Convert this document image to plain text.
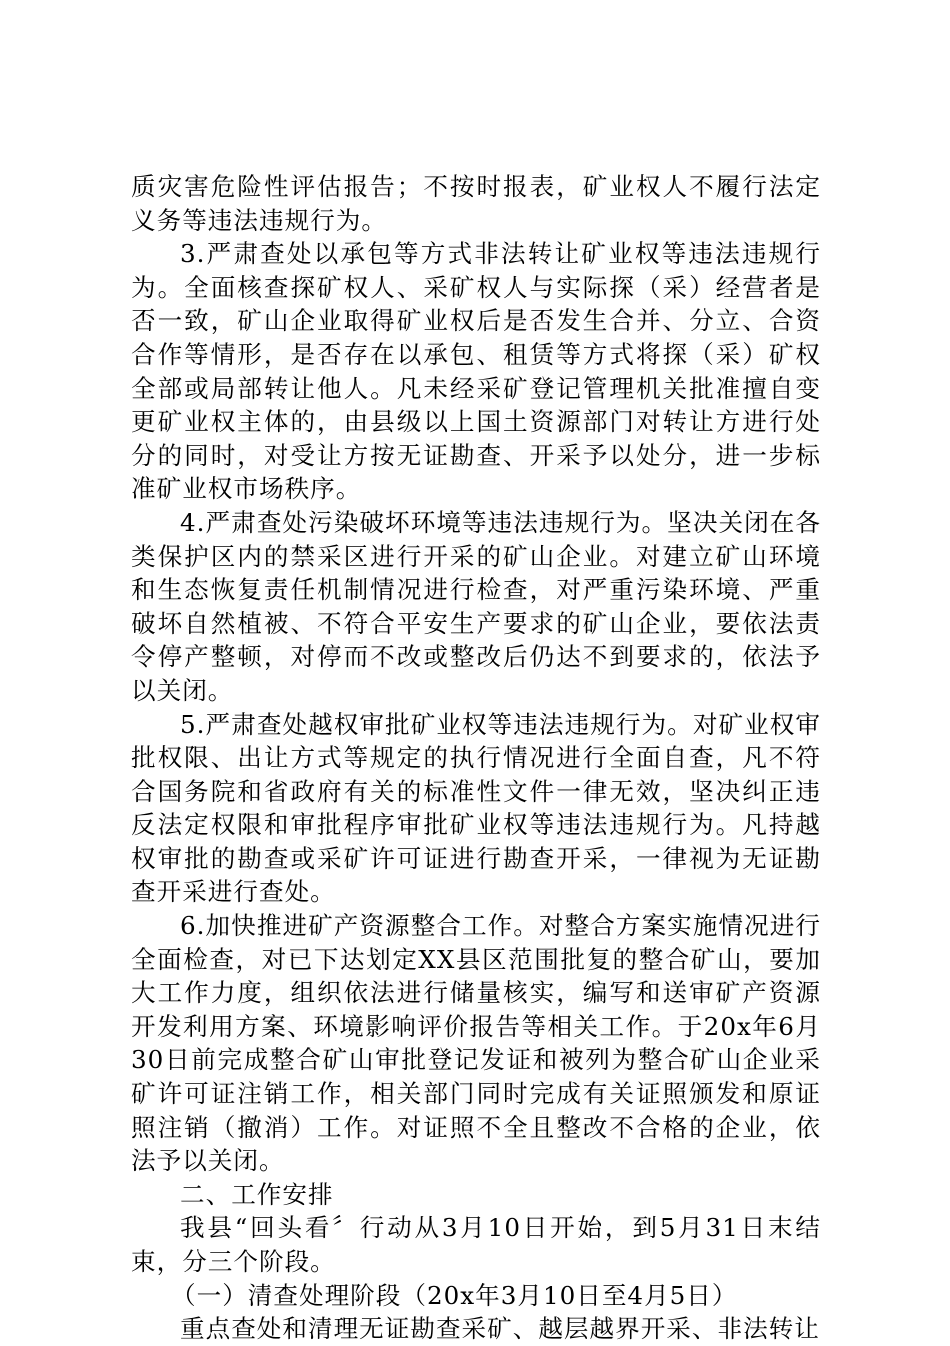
质灾害危险性评估报告；不按时报表，矿业权人不履行法定义务等违法违规行为。

3.严肃查处以承包等方式非法转让矿业权等违法违规行为。全面核查探矿权人、采矿权人与实际探（采）经营者是否一致，矿山企业取得矿业权后是否发生合并、分立、合资合作等情形，是否存在以承包、租赁等方式将探（采）矿权全部或局部转让他人。凡未经采矿登记管理机关批准擅自变更矿业权主体的，由县级以上国土资源部门对转让方进行处分的同时，对受让方按无证勘查、开采予以处分，进一步标准矿业权市场秩序。

4.严肃查处污染破坏环境等违法违规行为。坚决关闭在各类保护区内的禁采区进行开采的矿山企业。对建立矿山环境和生态恢复责任机制情况进行检查，对严重污染环境、严重破坏自然植被、不符合平安生产要求的矿山企业，要依法责令停产整顿，对停而不改或整改后仍达不到要求的，依法予以关闭。

5.严肃查处越权审批矿业权等违法违规行为。对矿业权审批权限、出让方式等规定的执行情况进行全面自查，凡不符合国务院和省政府有关的标准性文件一律无效，坚决纠正违反法定权限和审批程序审批矿业权等违法违规行为。凡持越权审批的勘查或采矿许可证进行勘查开采，一律视为无证勘查开采进行查处。

6.加快推进矿产资源整合工作。对整合方案实施情况进行全面检查，对已下达划定XX县区范围批复的整合矿山，要加大工作力度，组织依法进行储量核实，编写和送审矿产资源开发利用方案、环境影响评价报告等相关工作。于20x年6月30日前完成整合矿山审批登记发证和被列为整合矿山企业采矿许可证注销工作，相关部门同时完成有关证照颁发和原证照注销（撤消）工作。对证照不全且整改不合格的企业，依法予以关闭。

二、工作安排

我县“回头看〞行动从3月10日开始，到5月31日末结束，分三个阶段。

（一）清查处理阶段（20x年3月10日至4月5日）

重点查处和清理无证勘查采矿、越层越界开采、非法转让
